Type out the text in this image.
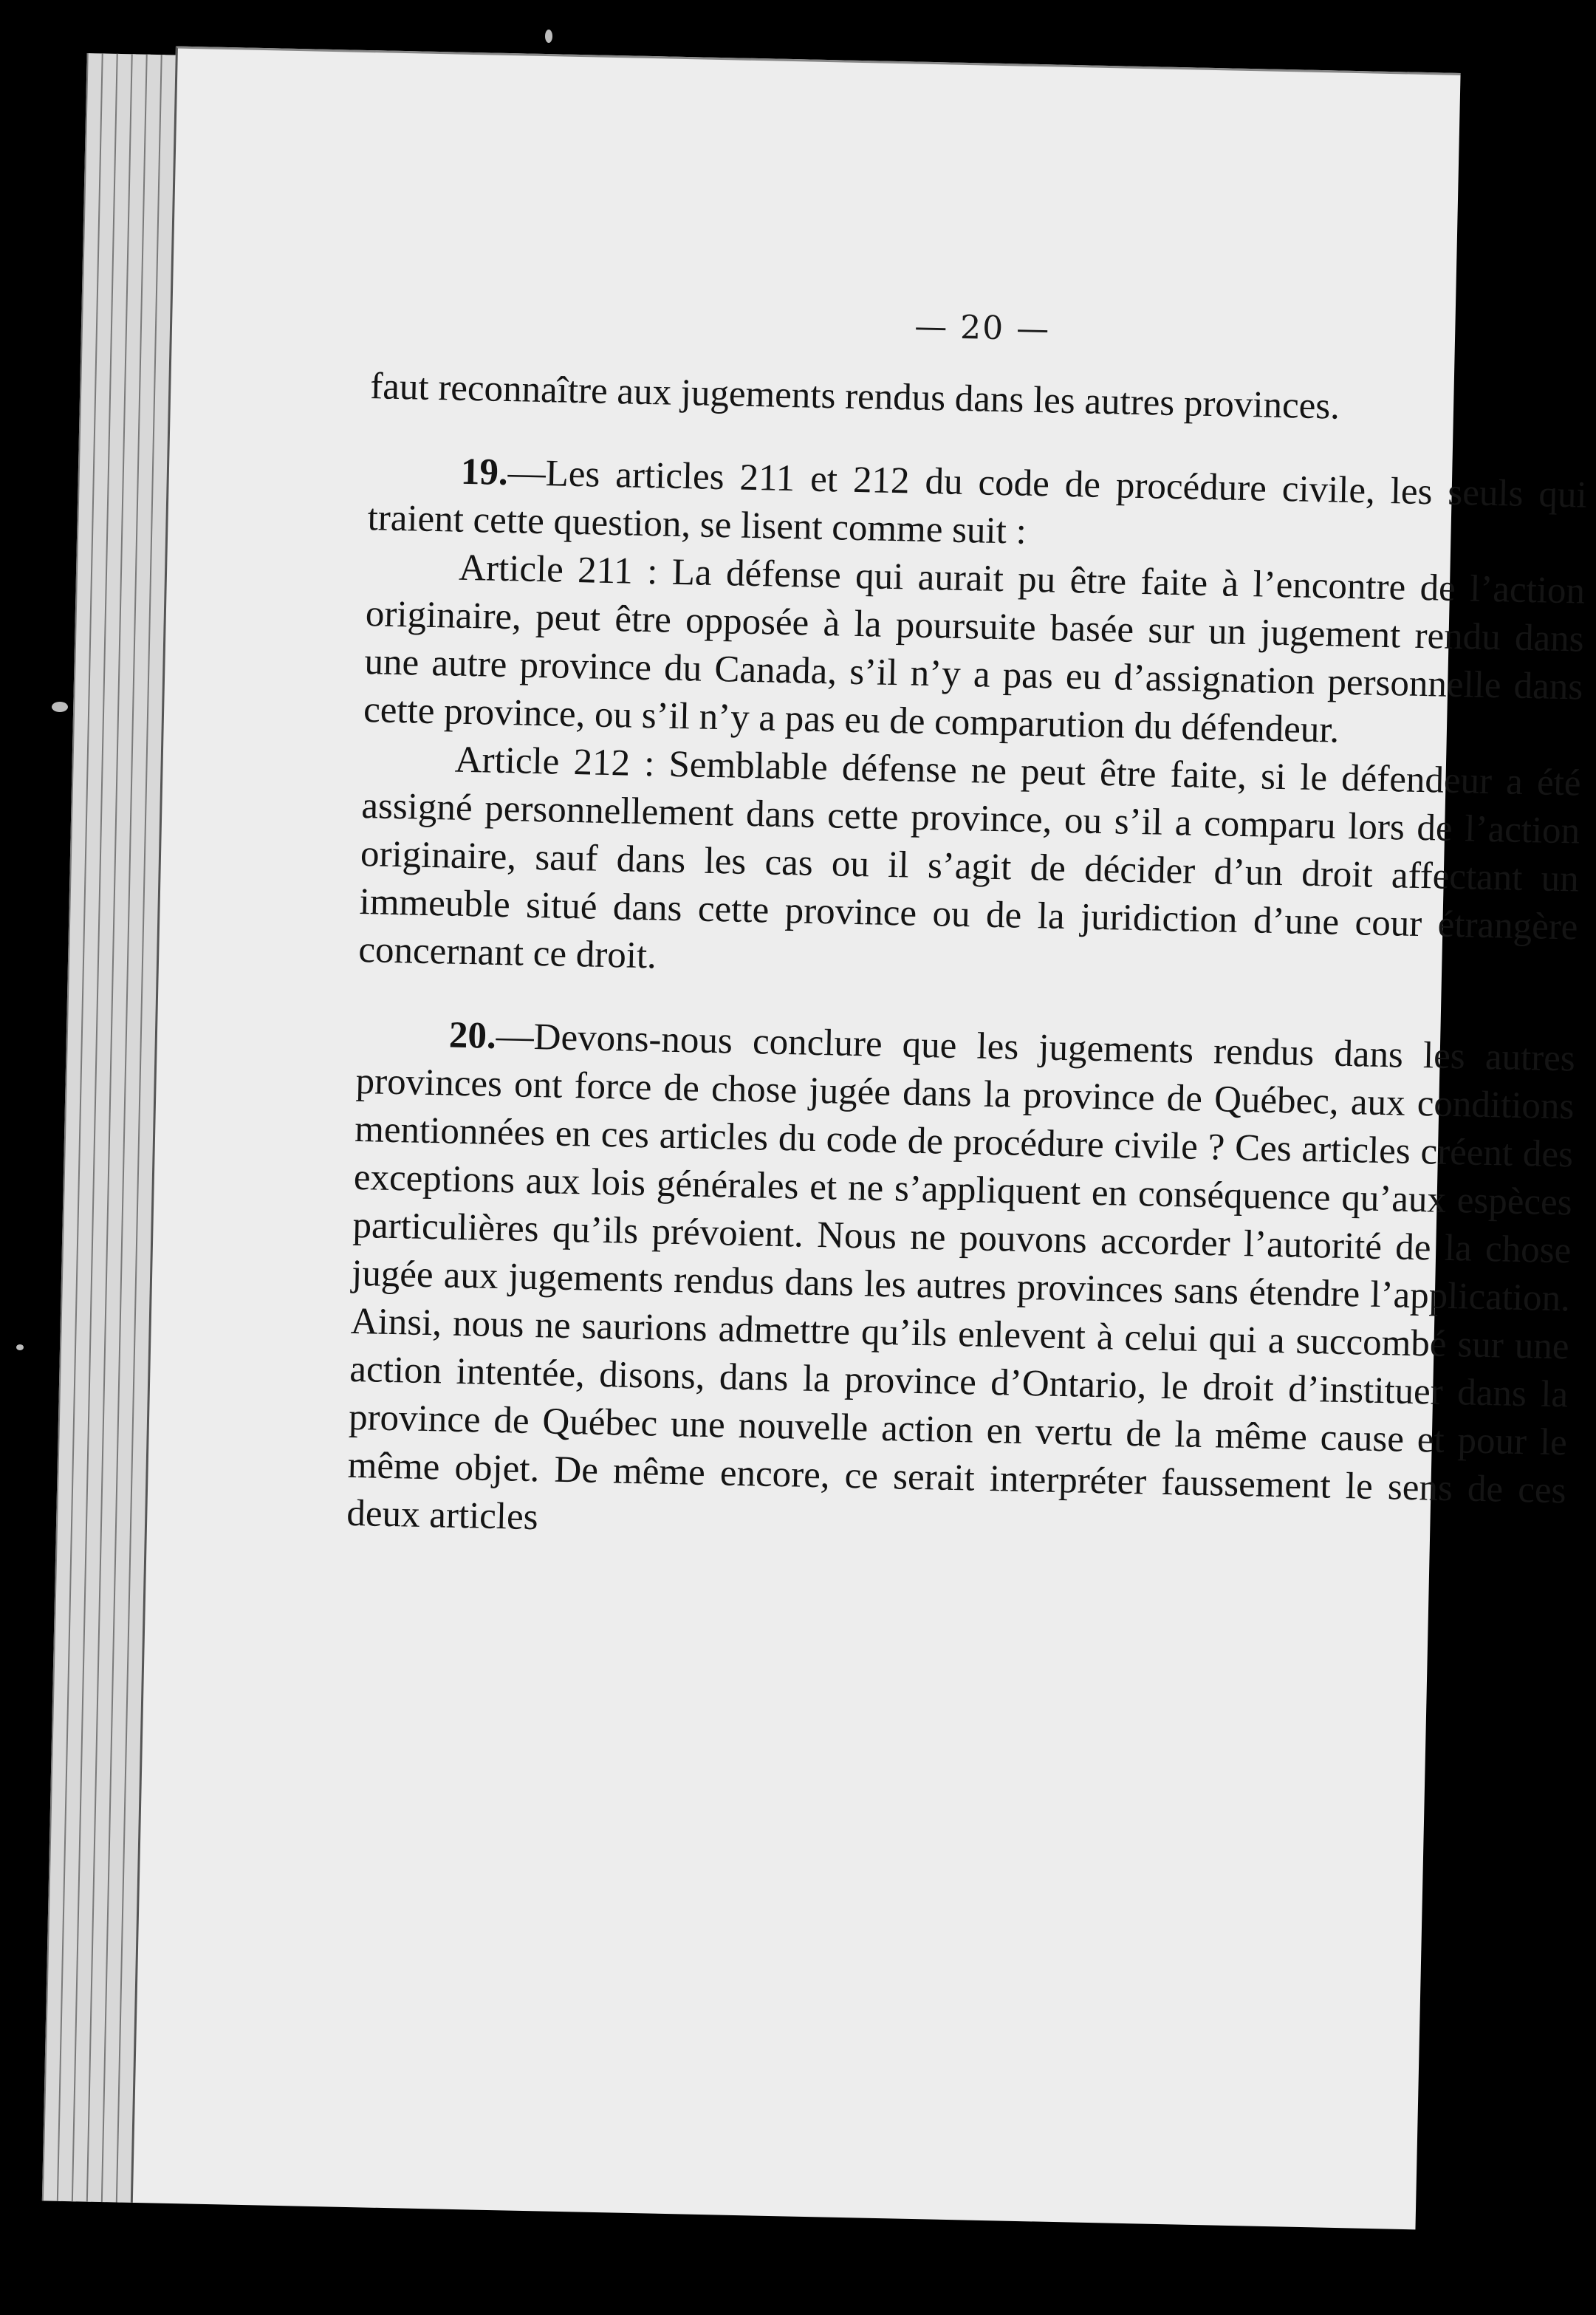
— 20 —

faut reconnaître aux jugements rendus dans les autres provinces.

19.—Les articles 211 et 212 du code de procédure civile, les seuls qui traient cette question, se lisent comme suit :

Article 211 : La défense qui aurait pu être faite à l’encontre de l’action originaire, peut être opposée à la poursuite basée sur un jugement rendu dans une autre province du Canada, s’il n’y a pas eu d’assignation personnelle dans cette province, ou s’il n’y a pas eu de comparution du défendeur.

Article 212 : Semblable défense ne peut être faite, si le défendeur a été assigné personnellement dans cette province, ou s’il a comparu lors de l’action originaire, sauf dans les cas ou il s’agit de décider d’un droit affectant un immeuble situé dans cette province ou de la juridiction d’une cour étrangère concernant ce droit.

20.—Devons-nous conclure que les jugements rendus dans les autres provinces ont force de chose jugée dans la province de Québec, aux conditions mentionnées en ces articles du code de procédure civile ? Ces articles créent des exceptions aux lois générales et ne s’appliquent en conséquence qu’aux espèces particulières qu’ils prévoient. Nous ne pouvons accorder l’autorité de la chose jugée aux jugements rendus dans les autres provinces sans étendre l’application. Ainsi, nous ne saurions admettre qu’ils enlevent à celui qui a succombé sur une action intentée, disons, dans la province d’Ontario, le droit d’instituer dans la province de Québec une nouvelle action en vertu de la même cause et pour le même objet. De même encore, ce serait interpréter faussement le sens de ces deux articles
